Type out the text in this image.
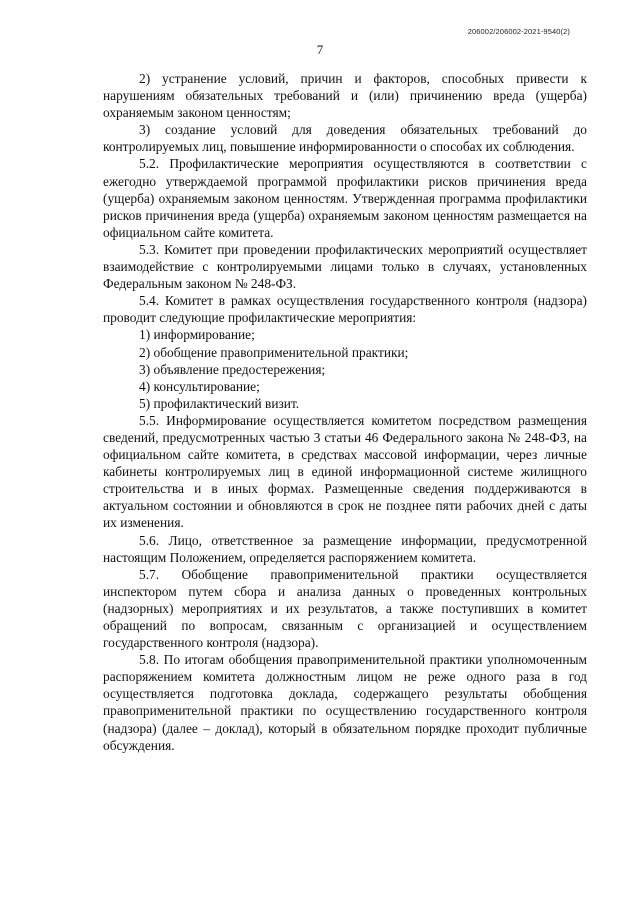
206002/206002-2021-9540(2)
7

2) устранение условий, причин и факторов, способных привести к нарушениям обязательных требований и (или) причинению вреда (ущерба) охраняемым законом ценностям;

3) создание условий для доведения обязательных требований до контролируемых лиц, повышение информированности о способах их соблюдения.

5.2. Профилактические мероприятия осуществляются в соответствии с ежегодно утверждаемой программой профилактики рисков причинения вреда (ущерба) охраняемым законом ценностям. Утвержденная программа профилактики рисков причинения вреда (ущерба) охраняемым законом ценностям размещается на официальном сайте комитета.

5.3. Комитет при проведении профилактических мероприятий осуществляет взаимодействие с контролируемыми лицами только в случаях, установленных Федеральным законом № 248-ФЗ.

5.4. Комитет в рамках осуществления государственного контроля (надзора) проводит следующие профилактические мероприятия:

1) информирование;

2) обобщение правоприменительной практики;

3) объявление предостережения;

4) консультирование;

5) профилактический визит.

5.5. Информирование осуществляется комитетом посредством размещения сведений, предусмотренных частью 3 статьи 46 Федерального закона № 248-ФЗ, на официальном сайте комитета, в средствах массовой информации, через личные кабинеты контролируемых лиц в единой информационной системе жилищного строительства и в иных формах. Размещенные сведения поддерживаются в актуальном состоянии и обновляются в срок не позднее пяти рабочих дней с даты их изменения.

5.6. Лицо, ответственное за размещение информации, предусмотренной настоящим Положением, определяется распоряжением комитета.

5.7. Обобщение правоприменительной практики осуществляется инспектором путем сбора и анализа данных о проведенных контрольных (надзорных) мероприятиях и их результатов, а также поступивших в комитет обращений по вопросам, связанным с организацией и осуществлением государственного контроля (надзора).

5.8. По итогам обобщения правоприменительной практики уполномоченным распоряжением комитета должностным лицом не реже одного раза в год осуществляется подготовка доклада, содержащего результаты обобщения правоприменительной практики по осуществлению государственного контроля (надзора) (далее – доклад), который в обязательном порядке проходит публичные обсуждения.
